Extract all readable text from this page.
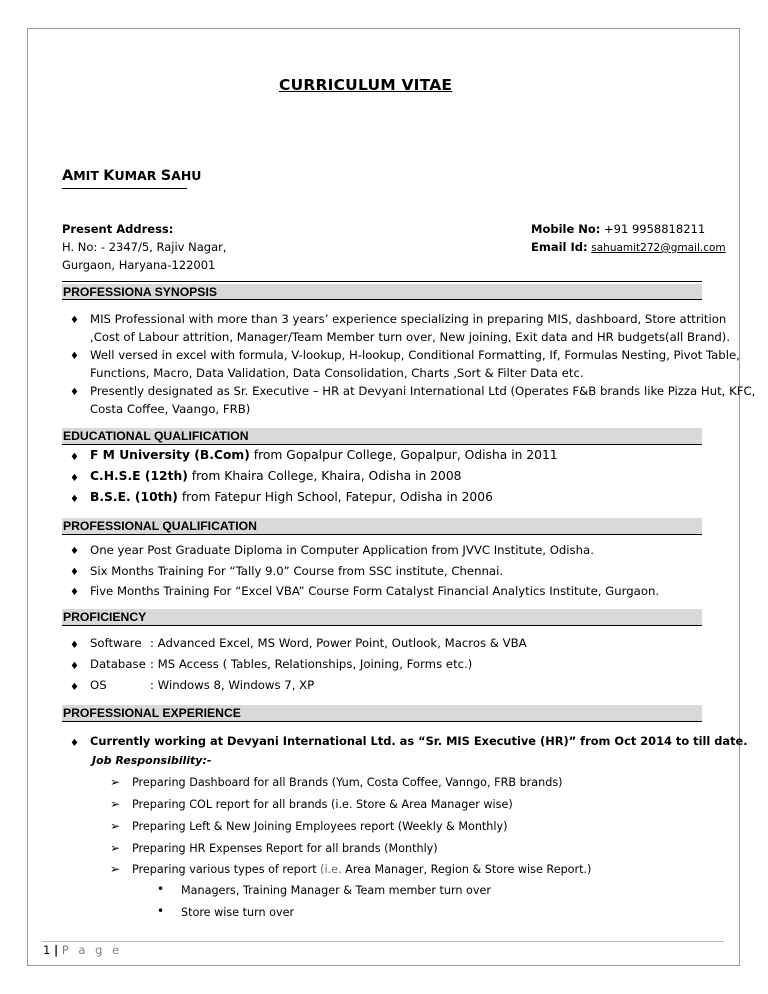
CURRICULUM VITAE
AMIT KUMAR SAHU
Present Address:
H. No: - 2347/5, Rajiv Nagar,
Gurgaon, Haryana-122001
Mobile No: +91 9958818211
Email Id: sahuamit272@gmail.com
PROFESSIONA SYNOPSIS
♦ MIS Professional with more than 3 years’ experience specializing in preparing MIS, dashboard, Store attrition
,Cost of Labour attrition, Manager/Team Member turn over, New joining, Exit data and HR budgets(all Brand).
♦ Well versed in excel with formula, V-lookup, H-lookup, Conditional Formatting, If, Formulas Nesting, Pivot Table,
Functions, Macro, Data Validation, Data Consolidation, Charts ,Sort & Filter Data etc.
♦ Presently designated as Sr. Executive – HR at Devyani International Ltd (Operates F&B brands like Pizza Hut, KFC,
Costa Coffee, Vaango, FRB)
EDUCATIONAL QUALIFICATION
♦ F M University (B.Com) from Gopalpur College, Gopalpur, Odisha in 2011
♦ C.H.S.E (12th) from Khaira College, Khaira, Odisha in 2008
♦ B.S.E. (10th) from Fatepur High School, Fatepur, Odisha in 2006
PROFESSIONAL QUALIFICATION
♦ One year Post Graduate Diploma in Computer Application from JVVC Institute, Odisha.
♦ Six Months Training For “Tally 9.0” Course from SSC institute, Chennai.
♦ Five Months Training For “Excel VBA” Course Form Catalyst Financial Analytics Institute, Gurgaon.
PROFICIENCY
♦ Software : Advanced Excel, MS Word, Power Point, Outlook, Macros & VBA
♦ Database : MS Access ( Tables, Relationships, Joining, Forms etc.)
♦ OS	: Windows 8, Windows 7, XP
PROFESSIONAL EXPERIENCE
♦ Currently working at Devyani International Ltd. as “Sr. MIS Executive (HR)” from Oct 2014 to till date.
Job Responsibility:-
➢ Preparing Dashboard for all Brands (Yum, Costa Coffee, Vanngo, FRB brands)
➢ Preparing COL report for all brands (i.e. Store & Area Manager wise)
➢ Preparing Left & New Joining Employees report (Weekly & Monthly)
➢ Preparing HR Expenses Report for all brands (Monthly)
➢ Preparing various types of report (i.e. Area Manager, Region & Store wise Report.)
• Managers, Training Manager & Team member turn over
• Store wise turn over
1 | P a g e
